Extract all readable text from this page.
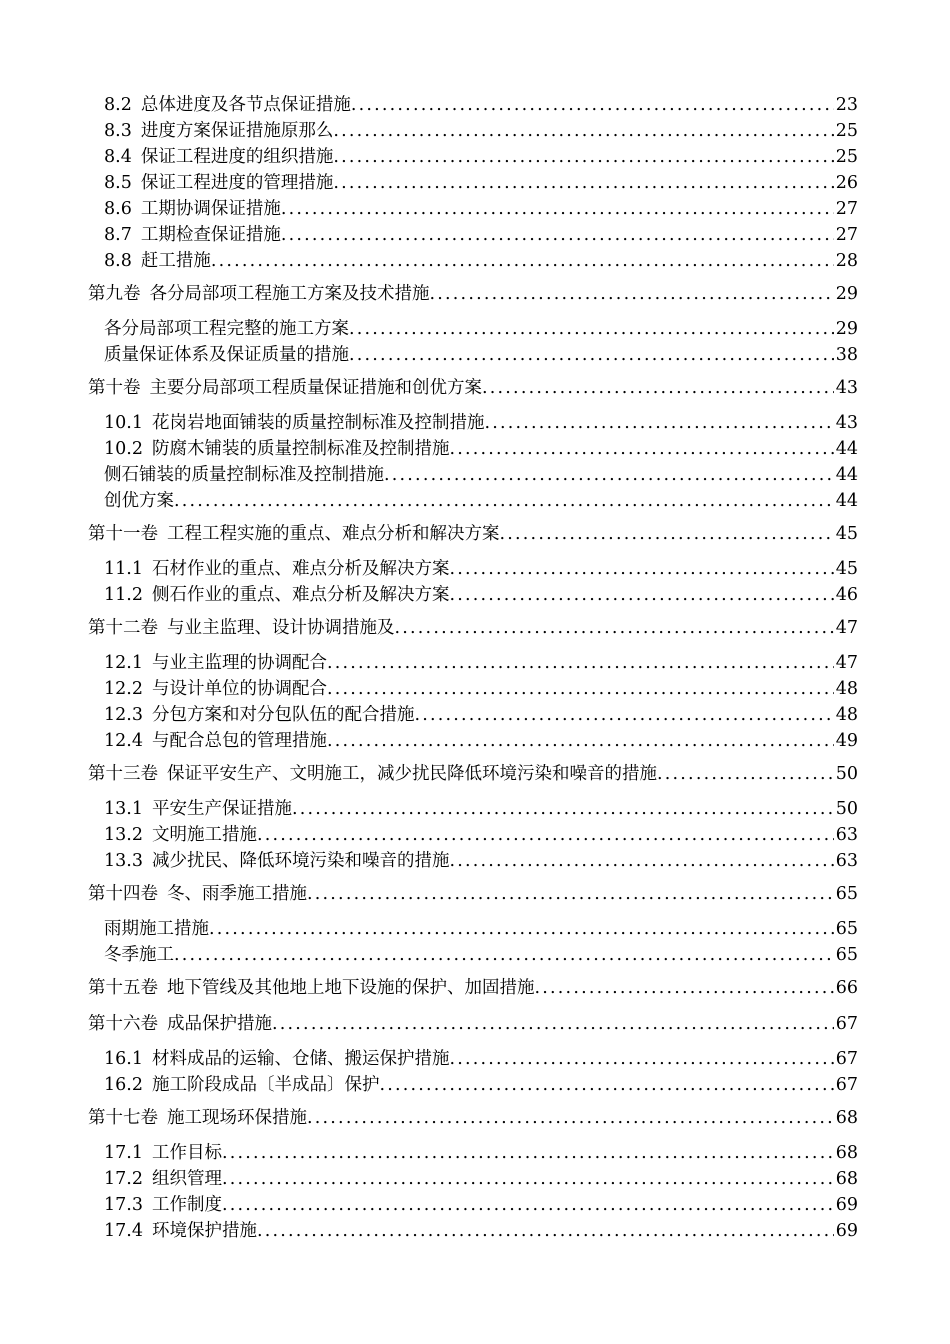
8.2 总体进度及各节点保证措施 .....	23
8.3 进度方案保证措施原那么 .....	25
8.4 保证工程进度的组织措施 .....	25
8.5 保证工程进度的管理措施 .....	26
8.6 工期协调保证措施 .....	27
8.7 工期检查保证措施 .....	27
8.8 赶工措施 .....	28
第九卷 各分局部项工程施工方案及技术措施 .....	29
各分局部项工程完整的施工方案 .....	29
质量保证体系及保证质量的措施 .....	38
第十卷 主要分局部项工程质量保证措施和创优方案 .....	43
10.1 花岗岩地面铺装的质量控制标准及控制措施 .....	43
10.2 防腐木铺装的质量控制标准及控制措施 .....	44
侧石铺装的质量控制标准及控制措施 .....	44
创优方案 .....	44
第十一卷 工程工程实施的重点、难点分析和解决方案 .....	45
11.1 石材作业的重点、难点分析及解决方案 .....	45
11.2 侧石作业的重点、难点分析及解决方案 .....	46
第十二卷 与业主监理、设计协调措施及 .....	47
12.1 与业主监理的协调配合 .....	47
12.2 与设计单位的协调配合 .....	48
12.3 分包方案和对分包队伍的配合措施 .....	48
12.4 与配合总包的管理措施 .....	49
第十三卷 保证平安生产、文明施工，减少扰民降低环境污染和噪音的措施 .....	50
13.1 平安生产保证措施 .....	50
13.2 文明施工措施 .....	63
13.3 减少扰民、降低环境污染和噪音的措施 .....	63
第十四卷 冬、雨季施工措施 .....	65
雨期施工措施 .....	65
冬季施工 .....	65
第十五卷 地下管线及其他地上地下设施的保护、加固措施 .....	66
第十六卷 成品保护措施 .....	67
16.1 材料成品的运输、仓储、搬运保护措施 .....	67
16.2 施工阶段成品〔半成品〕保护 .....	67
第十七卷 施工现场环保措施 .....	68
17.1 工作目标 .....	68
17.2 组织管理 .....	68
17.3 工作制度 .....	69
17.4 环境保护措施 .....	69
